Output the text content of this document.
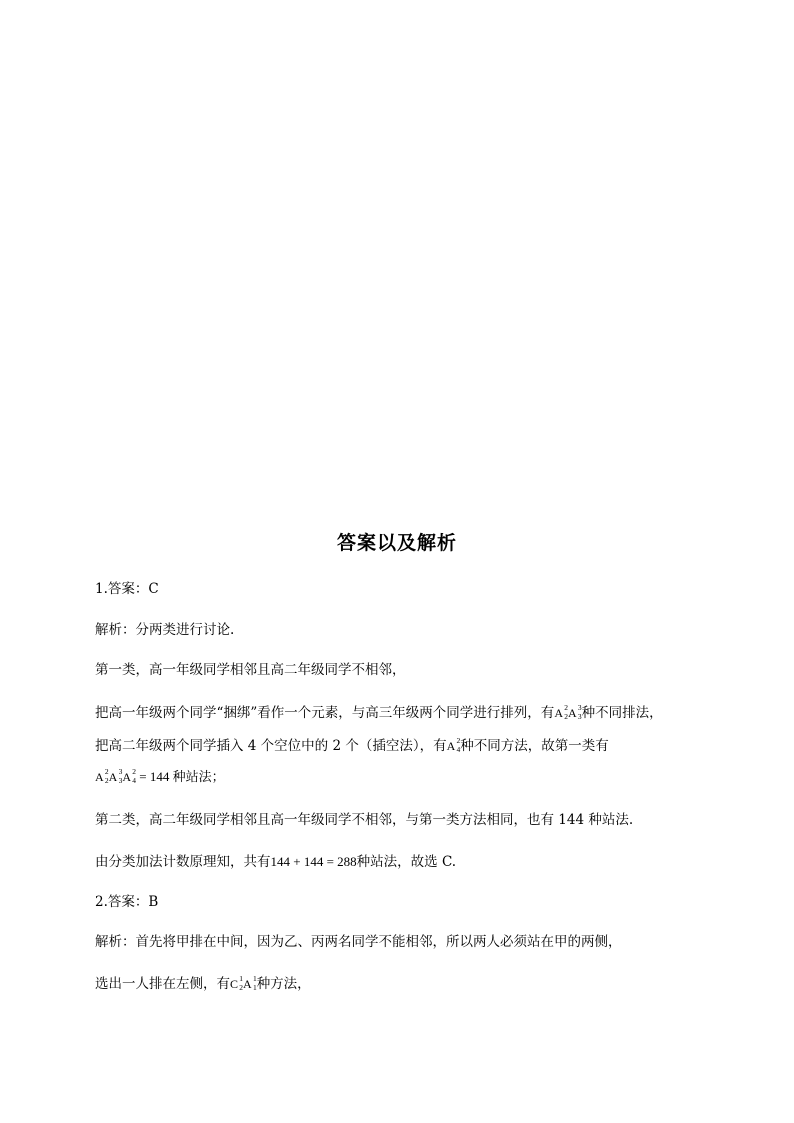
答案以及解析
1.答案：C
解析：分两类进行讨论.
第一类，高一年级同学相邻且高二年级同学不相邻，
把高一年级两个同学“捆绑”看作一个元素，与高三年级两个同学进行排列，有A 2
2 A 3
3 种不同排法，
把高二年级两个同学插入 4 个空位中的 2 个（插空法），有A 2
4 种不同方法，故第一类有
A 2
2 A 3
3 A 2
4 = 144 种站法；
第二类，高二年级同学相邻且高一年级同学不相邻，与第一类方法相同，也有 144 种站法.
由分类加法计数原理知，共有144 + 144 = 288种站法，故选 C.
2.答案：B
解析：首先将甲排在中间，因为乙、丙两名同学不能相邻，所以两人必须站在甲的两侧，
选出一人排在左侧，有C 1
2 A 1
1 种方法，
